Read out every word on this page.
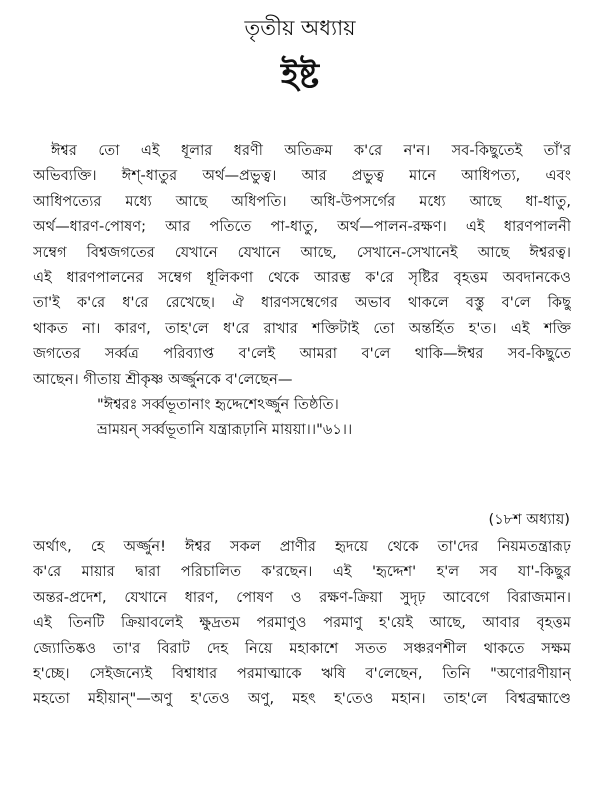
তৃতীয় অধ্যায়
ইষ্ট
ঈশ্বর তো এই ধূলার ধরণী অতিক্রম ক'রে ন'ন। সব-কিছুতেই তাঁ'র
অভিব্যক্তি। ঈশ্-ধাতুর অর্থ—প্রভুত্ব। আর প্রভুত্ব মানে আধিপত্য, এবং
আধিপত্যের মধ্যে আছে অধিপতি। অধি-উপসর্গের মধ্যে আছে ধা-ধাতু,
অর্থ—ধারণ-পোষণ; আর পতিতে পা-ধাতু, অর্থ—পালন-রক্ষণ। এই ধারণপালনী
সম্বেগ বিশ্বজগতের যেখানে যেখানে আছে, সেখানে-সেখানেই আছে ঈশ্বরত্ব।
এই ধারণপালনের সম্বেগ ধূলিকণা থেকে আরম্ভ ক'রে সৃষ্টির বৃহত্তম অবদানকেও
তা'ই ক'রে ধ'রে রেখেছে। ঐ ধারণসম্বেগের অভাব থাকলে বস্তু ব'লে কিছু
থাকত না। কারণ, তাহ'লে ধ'রে রাখার শক্তিটাই তো অন্তর্হিত হ'ত। এই শক্তি
জগতের সর্ব্বত্র পরিব্যাপ্ত ব'লেই আমরা ব'লে থাকি—ঈশ্বর সব-কিছুতে
আছেন। গীতায় শ্রীকৃষ্ণ অর্জ্জুনকে ব'লেছেন—
"ঈশ্বরঃ সর্ব্বভূতানাং হৃদ্দেশেঽর্জ্জুন তিষ্ঠতি।
ভ্রাময়ন্ সর্ব্বভূতানি যন্ত্রারূঢ়ানি মায়য়া।।"৬১।।
(১৮শ অধ্যায়)
অর্থাৎ, হে অর্জ্জুন! ঈশ্বর সকল প্রাণীর হৃদয়ে থেকে তা'দের নিয়মতন্ত্রারূঢ়
ক'রে মায়ার দ্বারা পরিচালিত ক'রছেন। এই 'হৃদ্দেশ' হ'ল সব যা'-কিছুর
অন্তর-প্রদেশ, যেখানে ধারণ, পোষণ ও রক্ষণ-ক্রিয়া সুদৃঢ় আবেগে বিরাজমান।
এই তিনটি ক্রিয়াবলেই ক্ষুদ্রতম পরমাণুও পরমাণু হ'য়েই আছে, আবার বৃহত্তম
জ্যোতিষ্কও তা'র বিরাট দেহ নিয়ে মহাকাশে সতত সঞ্চরণশীল থাকতে সক্ষম
হ'চ্ছে। সেইজন্যেই বিশ্বাধার পরমাত্মাকে ঋষি ব'লেছেন, তিনি "অণোরণীয়ান্
মহতো মহীয়ান্"—অণু হ'তেও অণু, মহৎ হ'তেও মহান। তাহ'লে বিশ্বব্রহ্মাণ্ডে
